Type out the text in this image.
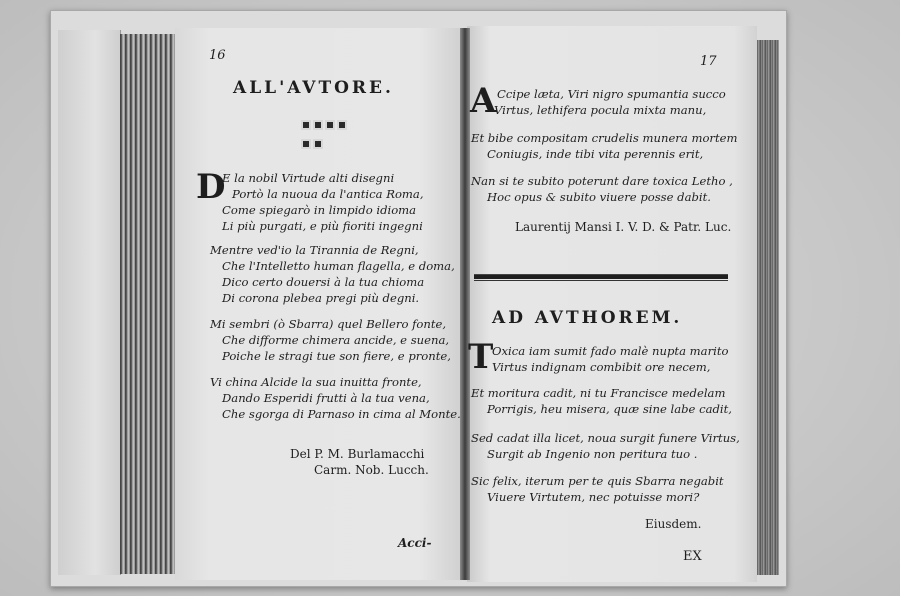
16
ALL'AVTORE.
D
E la nobil Virtude alti disegni
Portò la nuoua da l'antica Roma,
Come spiegarò in limpido idioma
Li più purgati, e più fioriti ingegni
Mentre ved'io la Tirannia de Regni,
Che l'Intelletto human flagella, e doma,
Dico certo douersi à la tua chioma
Di corona plebea pregi più degni.
Mi sembri (ò Sbarra) quel Bellero fonte,
Che difforme chimera ancide, e suena,
Poiche le stragi tue son fiere, e pronte,
Vi china Alcide la sua inuitta fronte,
Dando Esperidi frutti à la tua vena,
Che sgorga di Parnaso in cima al Monte.
Del P. M. Burlamacchi
Carm. Nob. Lucch.
Acci-
17
A Ccipe læta, Viri nigro spumantia succo
Virtus, lethifera pocula mixta manu,
Et bibe compositam crudelis munera mortem
Coniugis, inde tibi vita perennis erit,
Nan si te subito poterunt dare toxica Letho ,
Hoc opus & subito viuere posse dabit.
Laurentij Mansi I. V. D. & Patr. Luc.
AD AVTHOREM.
T
Oxica iam sumit fado malè nupta marito
Virtus indignam combibit ore necem,
Et moritura cadit, ni tu Francisce medelam
Porrigis, heu misera, quæ sine labe cadit,
Sed cadat illa licet, noua surgit funere Virtus,
Surgit ab Ingenio non peritura tuo .
Sic felix, iterum per te quis Sbarra negabit
Viuere Virtutem, nec potuisse mori?
Eiusdem.
EX
